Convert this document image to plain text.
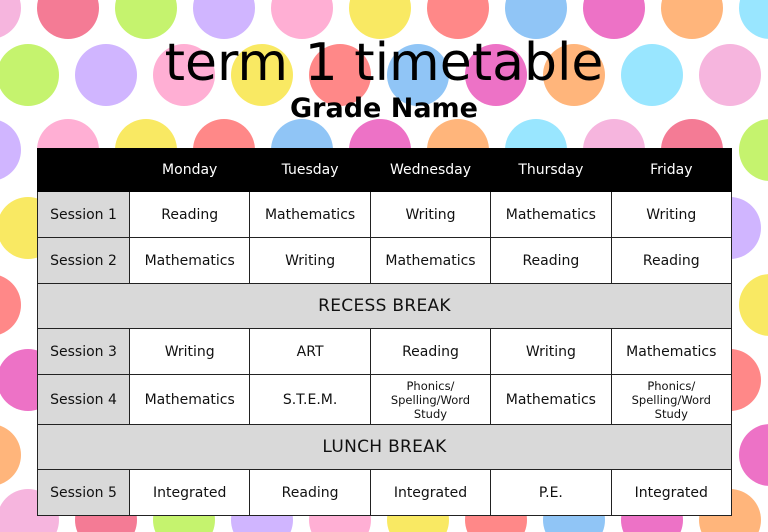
term 1 timetable
Grade Name
	Monday	Tuesday	Wednesday	Thursday	Friday
Session 1	Reading	Mathematics	Writing	Mathematics	Writing
Session 2	Mathematics	Writing	Mathematics	Reading	Reading
RECESS BREAK					
Session 3	Writing	ART	Reading	Writing	Mathematics
Session 4	Mathematics	S.T.E.M.	Phonics/ Spelling/Word Study	Mathematics	Phonics/ Spelling/Word Study
LUNCH BREAK					
Session 5	Integrated	Reading	Integrated	P.E.	Integrated
